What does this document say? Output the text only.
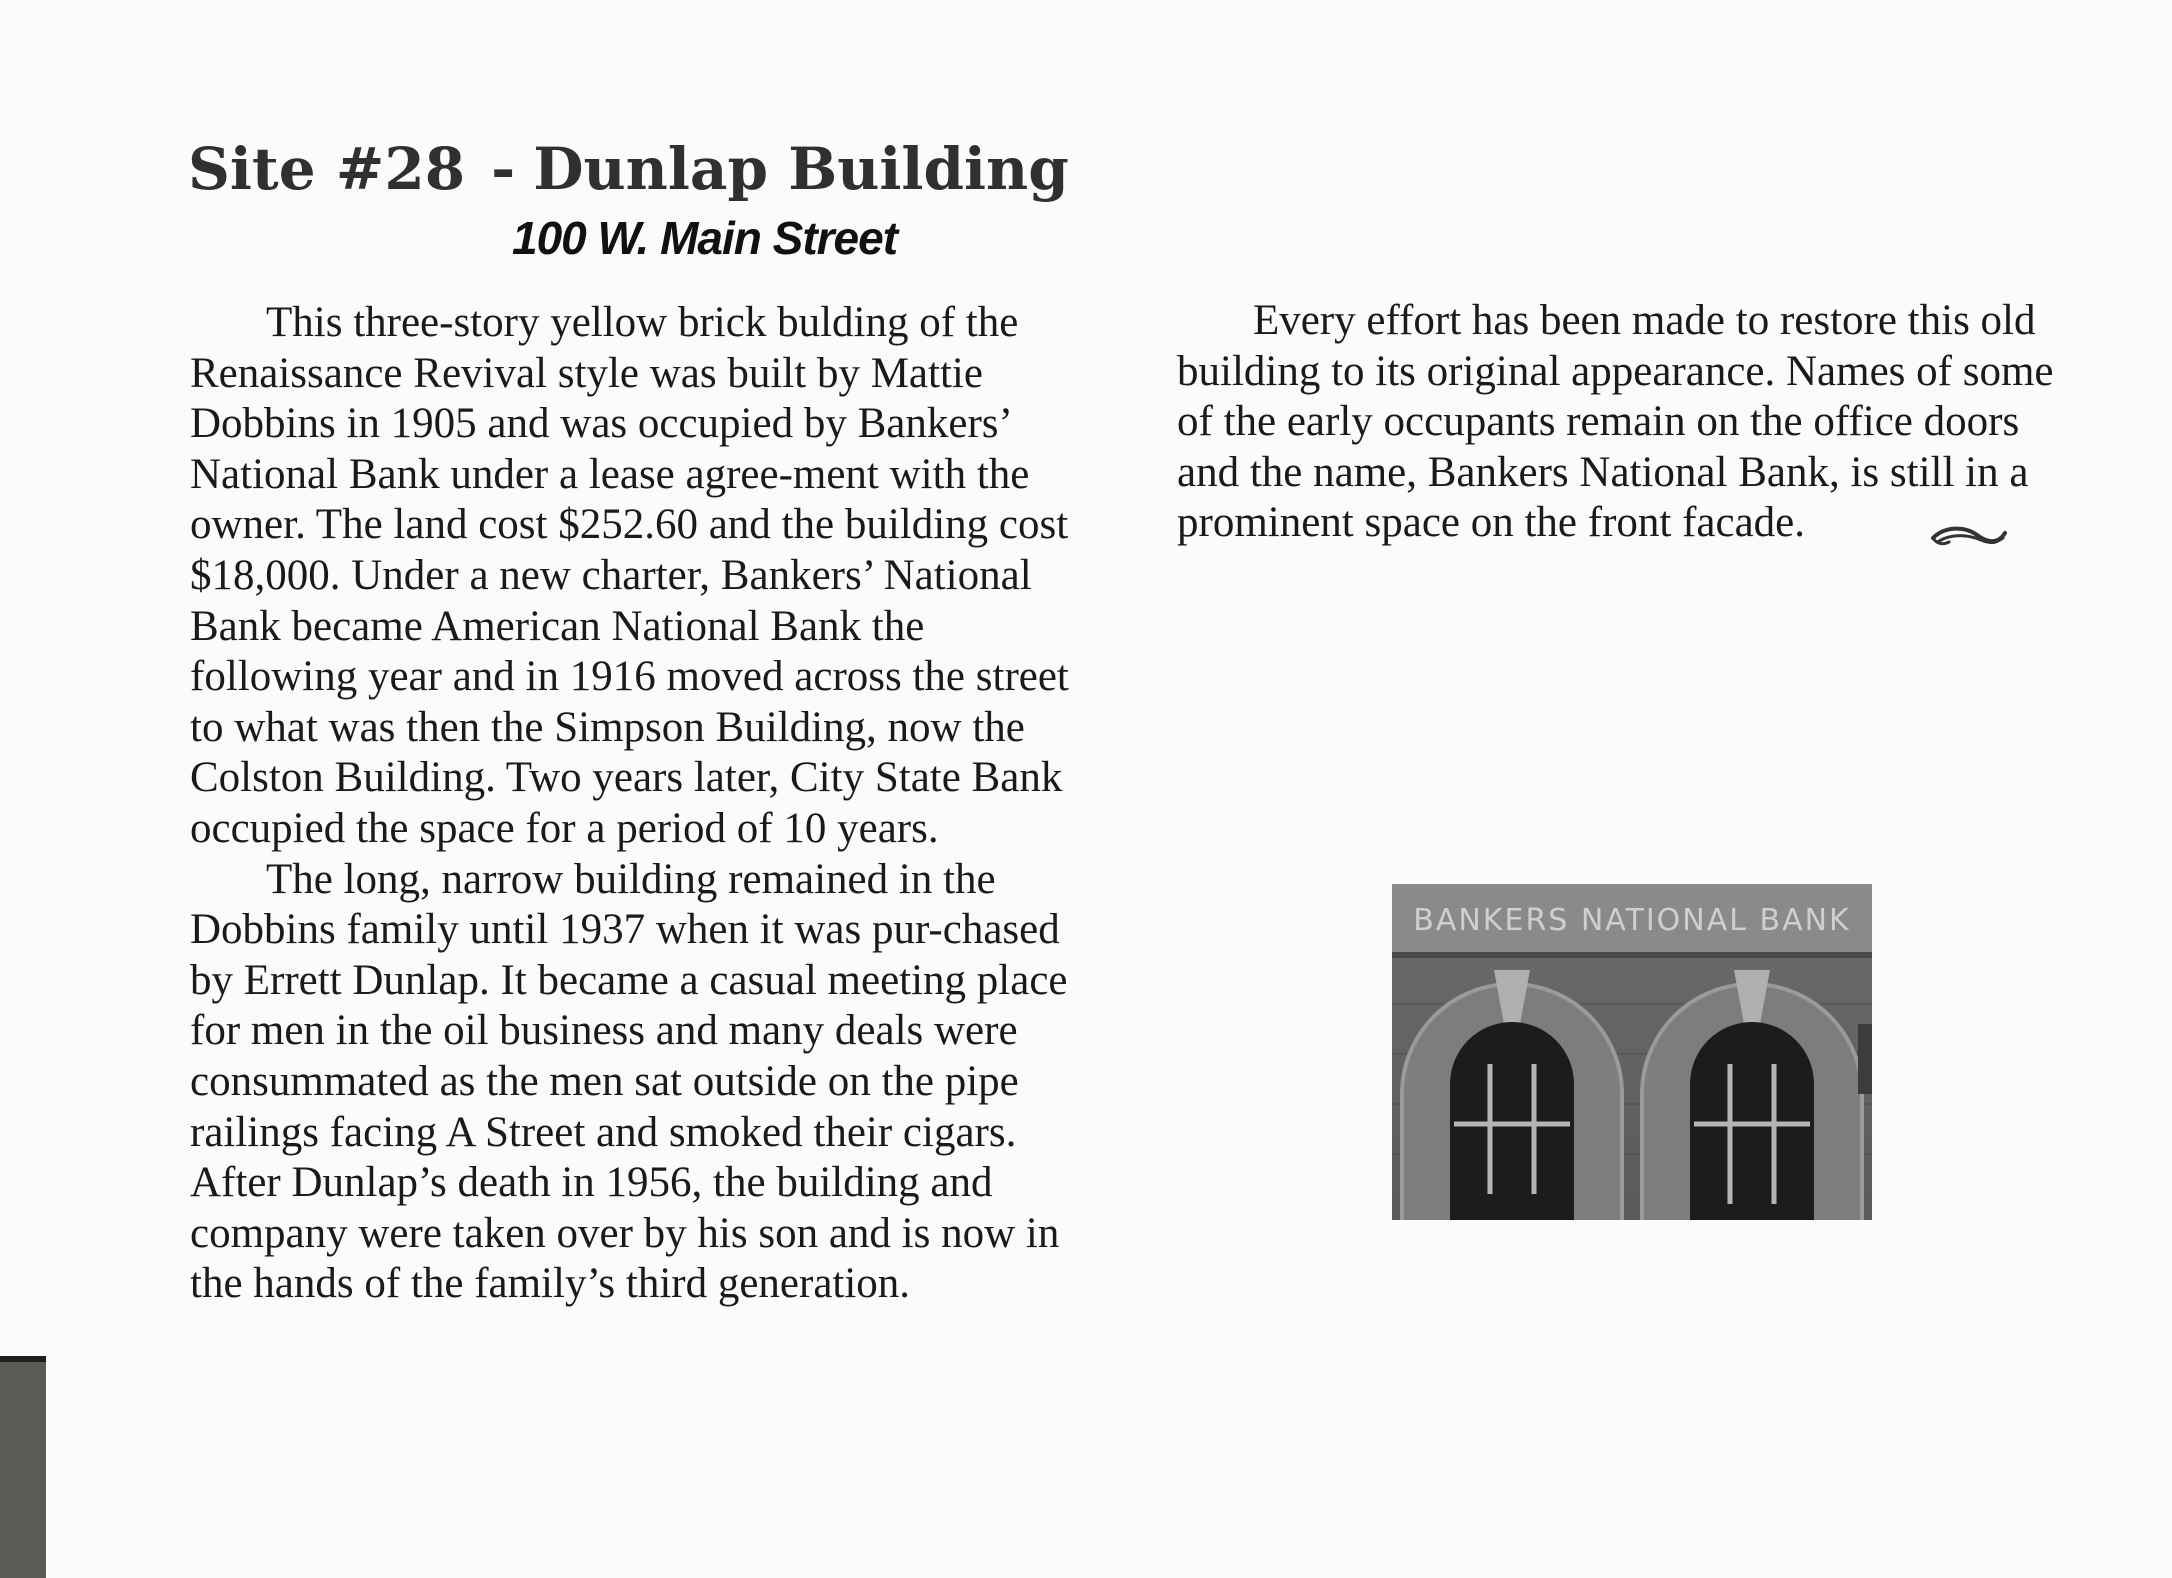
Site #28 - Dunlap Building
100 W. Main Street

This three-story yellow brick bulding of the Renaissance Revival style was built by Mattie Dobbins in 1905 and was occupied by Bankers’ National Bank under a lease agree-ment with the owner. The land cost $252.60 and the building cost $18,000. Under a new charter, Bankers’ National Bank became American National Bank the following year and in 1916 moved across the street to what was then the Simpson Building, now the Colston Building. Two years later, City State Bank occupied the space for a period of 10 years.

The long, narrow building remained in the Dobbins family until 1937 when it was pur-chased by Errett Dunlap. It became a casual meeting place for men in the oil business and many deals were consummated as the men sat outside on the pipe railings facing A Street and smoked their cigars. After Dunlap’s death in 1956, the building and company were taken over by his son and is now in the hands of the family’s third generation.

Every effort has been made to restore this old building to its original appearance. Names of some of the early occupants remain on the office doors and the name, Bankers National Bank, is still in a prominent space on the front facade.

BANKERS NATIONAL BANK
